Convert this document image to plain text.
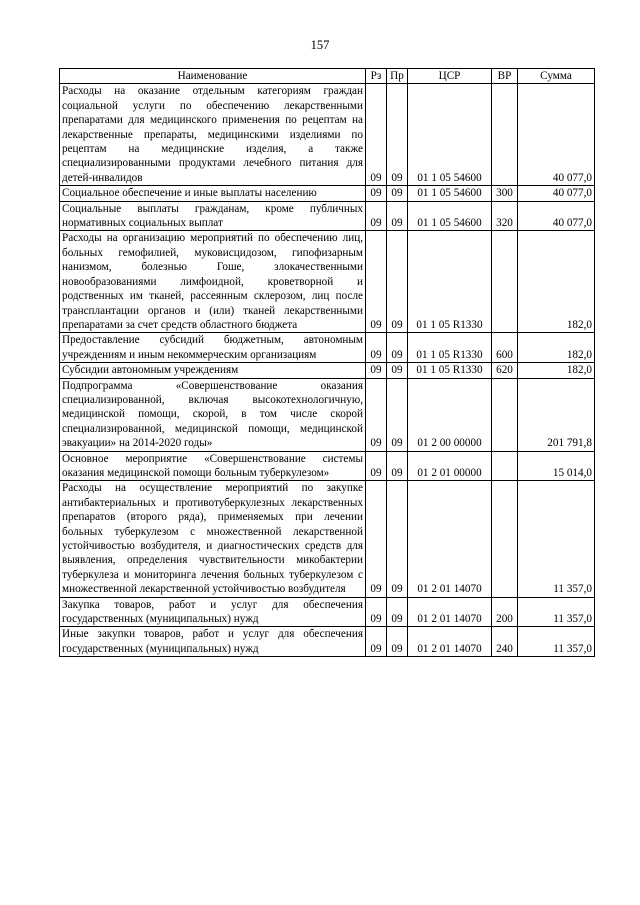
157
Наименование	Рз	Пр	ЦСР	ВР	Сумма
Расходы на оказание отдельным категориям граждан социальной услуги по обеспечению лекарственными препаратами для медицинского применения по рецептам на лекарственные препараты, медицинскими изделиями по рецептам на медицинские изделия, а также специализированными продуктами лечебного питания для детей-инвалидов	09	09	01 1 05 54600		40 077,0
Социальное обеспечение и иные выплаты населению	09	09	01 1 05 54600	300	40 077,0
Социальные выплаты гражданам, кроме публичных нормативных социальных выплат	09	09	01 1 05 54600	320	40 077,0
Расходы на организацию мероприятий по обеспечению лиц, больных гемофилией, муковисцидозом, гипофизарным нанизмом, болезнью Гоше, злокачественными новообразованиями лимфоидной, кроветворной и родственных им тканей, рассеянным склерозом, лиц после трансплантации органов и (или) тканей лекарственными препаратами за счет средств областного бюджета	09	09	01 1 05 R1330		182,0
Предоставление субсидий бюджетным, автономным учреждениям и иным некоммерческим организациям	09	09	01 1 05 R1330	600	182,0
Субсидии автономным учреждениям	09	09	01 1 05 R1330	620	182,0
Подпрограмма «Совершенствование оказания специализированной, включая высокотехнологичную, медицинской помощи, скорой, в том числе скорой специализированной, медицинской помощи, медицинской эвакуации» на 2014-2020 годы»	09	09	01 2 00 00000		201 791,8
Основное мероприятие «Совершенствование системы оказания медицинской помощи больным туберкулезом»	09	09	01 2 01 00000		15 014,0
Расходы на осуществление мероприятий по закупке антибактериальных и противотуберкулезных лекарственных препаратов (второго ряда), применяемых при лечении больных туберкулезом с множественной лекарственной устойчивостью возбудителя, и диагностических средств для выявления, определения чувствительности микобактерии туберкулеза и мониторинга лечения больных туберкулезом с множественной лекарственной устойчивостью возбудителя	09	09	01 2 01 14070		11 357,0
Закупка товаров, работ и услуг для обеспечения государственных (муниципальных) нужд	09	09	01 2 01 14070	200	11 357,0
Иные закупки товаров, работ и услуг для обеспечения государственных (муниципальных) нужд	09	09	01 2 01 14070	240	11 357,0
